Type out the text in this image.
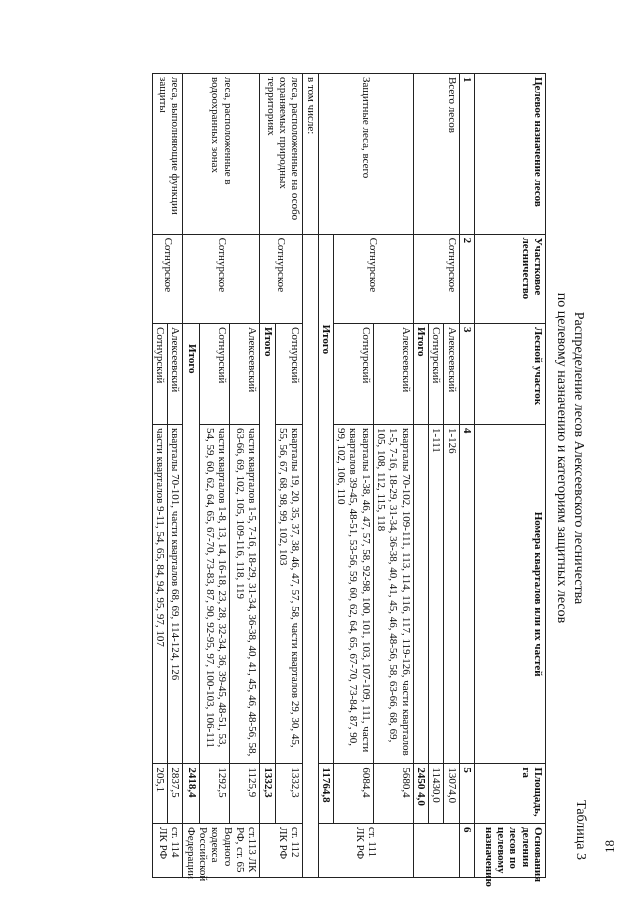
18
Таблица 3
Распределение лесов Алексеевского лесничества
по целевому назначению и категориям защитных лесов
Целевое назначение лесов	Участковое лесничество	Лесной участок	Номера кварталов или их частей	Площадь, га	Основания деления лесов по целевому назначению
1	2	3	4	5	6
Всего лесов	Сотнурское	Алексеевский	1-126	13074,0	
		Сотнурский	1-111	11430,0	
		Итого		2450 4,0	
Защитные леса, всего	Сотнурское	Алексеевский	кварталы 70-102, 109-111, 113, 114, 116, 117, 119-126, части кварталов 1-5, 7-16, 18-29, 31-34, 36-38, 40, 41, 45, 46, 48-56, 58, 63-66, 68, 69, 105, 108, 112, 115, 118	5680,4	ст. 111 ЛК РФ
		Сотнурский	кварталы 1-38, 46, 47, 57, 58, 92-98, 100, 101, 103, 107-109, 111, части кварталов 39-45, 48-51, 53-56, 59, 60, 62, 64, 65, 67-70, 73-84, 87, 90, 99, 102, 106, 110	6084,4	
	Итого			11764,8	
в том числе:					
леса, расположенные на особо охраняемых природных территориях	Сотнурское	Сотнурский	кварталы 19, 20, 35, 37, 38, 46, 47, 57, 58, части кварталов 29, 30, 45, 55, 56, 67, 68, 98, 99, 102, 103	1332,3	ст. 112 ЛК РФ
		Итого		1332,3	
леса, расположенные в водоохранных зонах	Сотнурское	Алексеевский	части кварталов 1-5, 7-16, 18-29, 31-34, 36-38, 40, 41, 45, 46, 48-56, 58, 63-66, 69, 102, 105, 109-116, 118, 119	1125,9	ст.113 ЛК РФ, ст. 65 Водного кодекса Российской Федерации
		Сотнурский	части кварталов 1-8, 13, 14, 16-18, 23, 28, 32-34, 36, 39-45, 48-51, 53, 54, 59, 60, 62, 64, 65, 67-70, 73-83, 87, 90, 92-95, 97, 100-103, 106-111	1292,5	
		Итого		2418,4	
леса, выполняющие функции защиты	Сотнурское	Алексеевский	кварталы 70-101, части кварталов 68, 69, 114-124, 126	2837,5	ст. 114 ЛК РФ
		Сотнурский	части кварталов 9-11, 54, 65, 84, 94, 95, 97, 107	205,1	
